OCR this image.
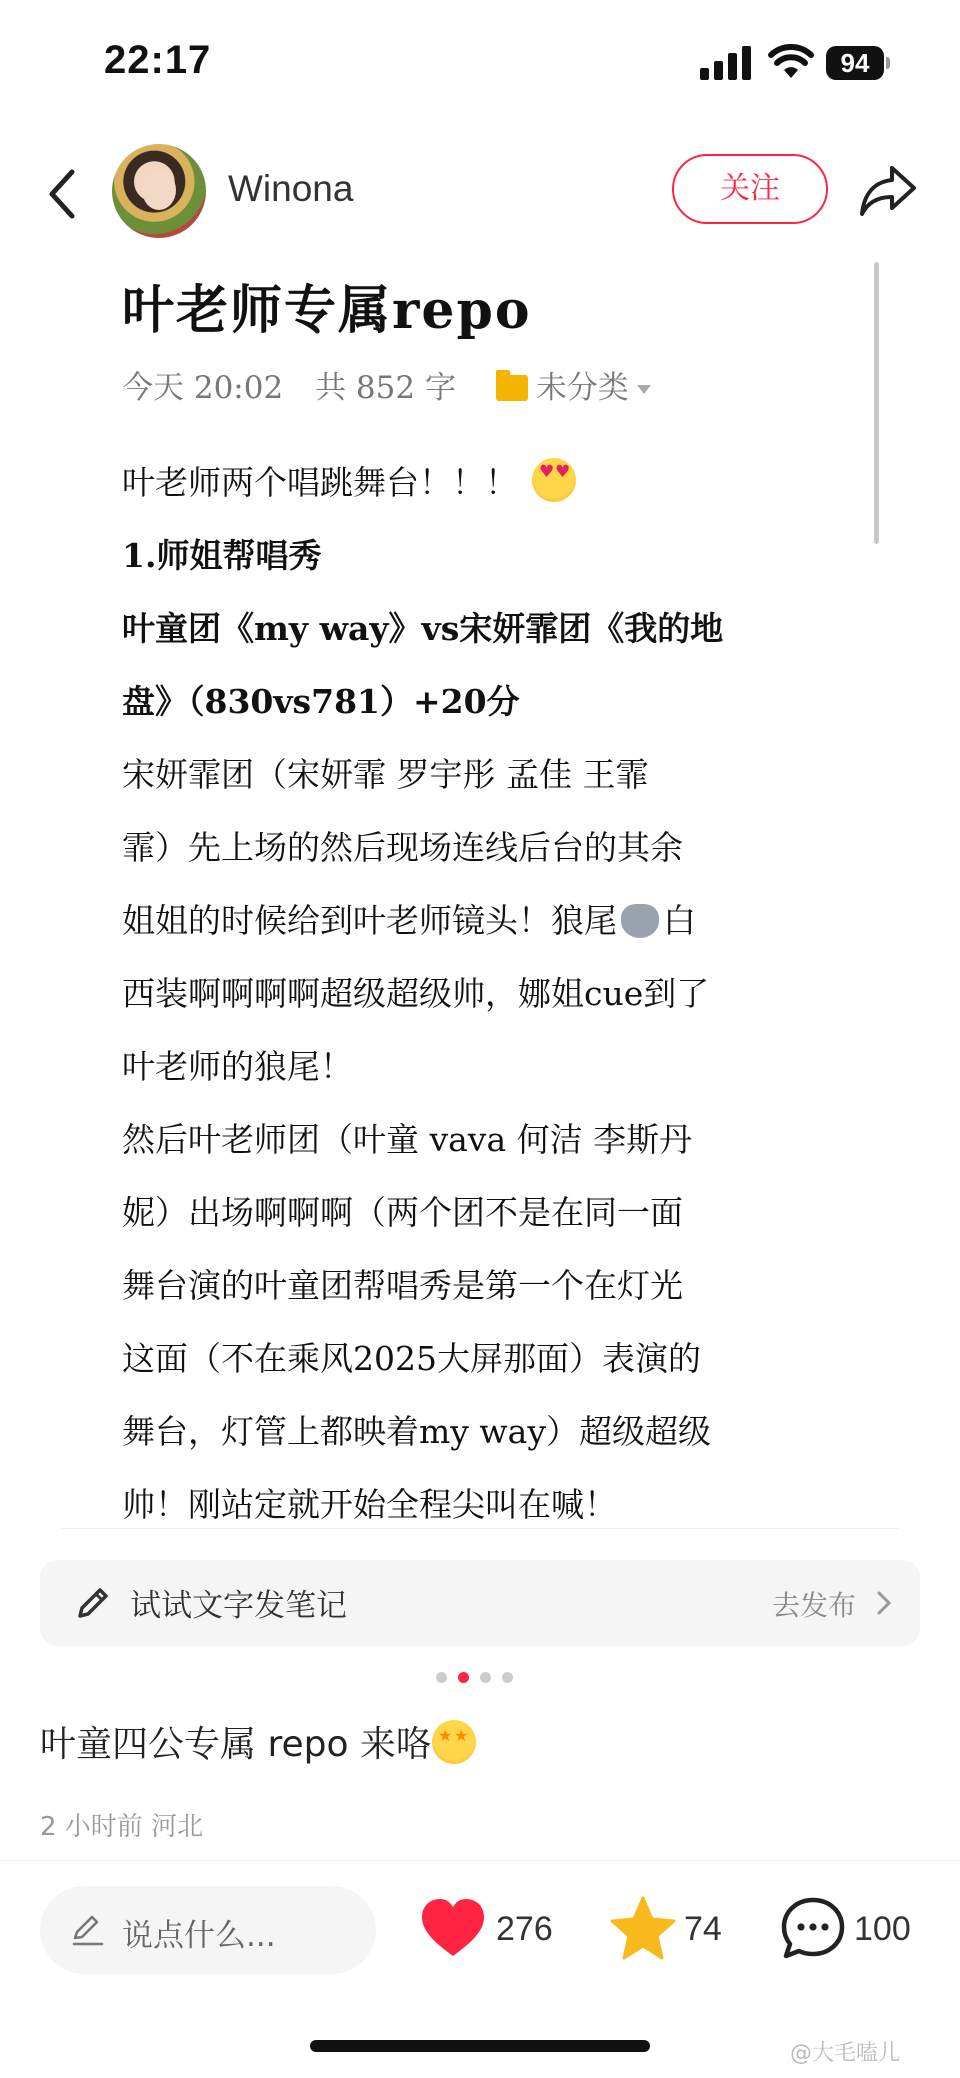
22:17	94
Winona	关注
叶老师专属repo
今天 20:02 共 852 字	未分类
叶老师两个唱跳舞台！！！♥ ♥
1.师姐帮唱秀
叶童团《my way》vs宋妍霏团《我的地
盘》（830vs781）+20分
宋妍霏团（宋妍霏 罗宇彤 孟佳 王霏
霏）先上场的然后现场连线后台的其余
姐姐的时候给到叶老师镜头！狼尾 白
西装啊啊啊啊超级超级帅，娜姐cue到了
叶老师的狼尾！
然后叶老师团（叶童 vava 何洁 李斯丹
妮）出场啊啊啊（两个团不是在同一面
舞台演的叶童团帮唱秀是第一个在灯光
这面（不在乘风2025大屏那面）表演的
舞台，灯管上都映着my way）超级超级
帅！刚站定就开始全程尖叫在喊！
试试文字发笔记	去发布
叶童四公专属 repo 来咯★ ★
2 小时前 河北
说点什么...	276	74	100
@大毛嗑儿
